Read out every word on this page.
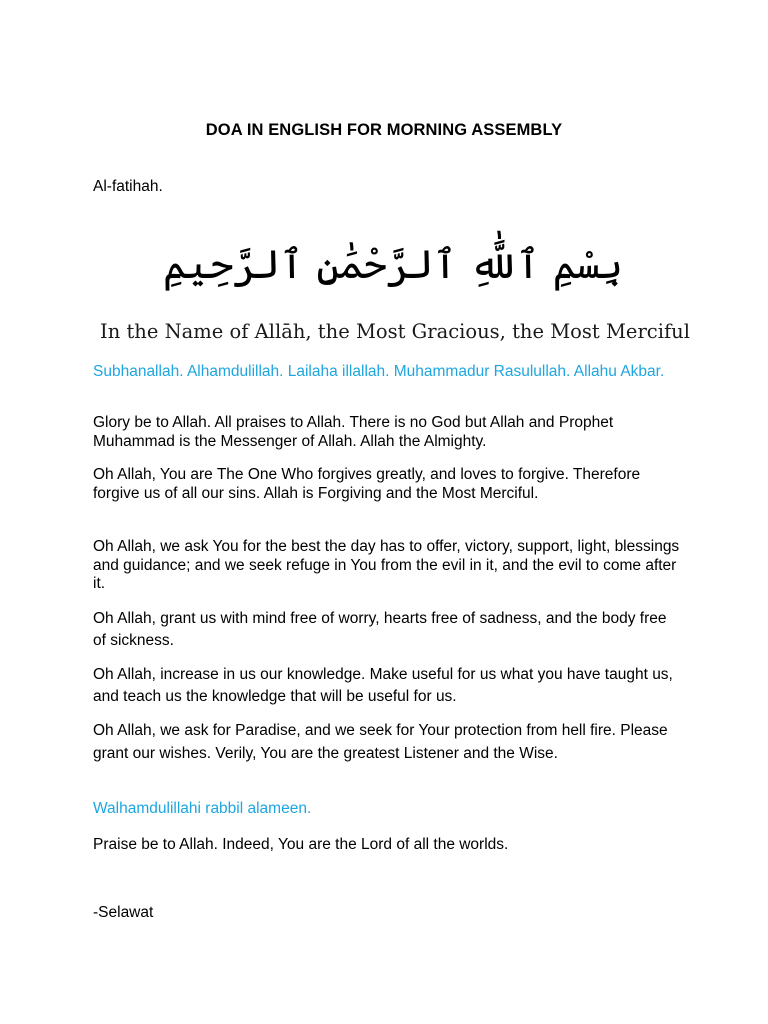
DOA IN ENGLISH FOR MORNING ASSEMBLY
Al-fatihah.
بِسْمِ ٱللَّٰهِ ٱلرَّحْمَٰنِ ٱلرَّحِيمِ
In the Name of Allāh, the Most Gracious, the Most Merciful
Subhanallah. Alhamdulillah. Lailaha illallah. Muhammadur Rasulullah. Allahu Akbar.
Glory be to Allah. All praises to Allah. There is no God but Allah and Prophet Muhammad is the Messenger of Allah. Allah the Almighty.
Oh Allah, You are The One Who forgives greatly, and loves to forgive. Therefore forgive us of all our sins. Allah is Forgiving and the Most Merciful.
Oh Allah, we ask You for the best the day has to offer, victory, support, light, blessings and guidance; and we seek refuge in You from the evil in it, and the evil to come after it.
Oh Allah, grant us with mind free of worry, hearts free of sadness, and the body free of sickness.
Oh Allah, increase in us our knowledge. Make useful for us what you have taught us, and teach us the knowledge that will be useful for us.
Oh Allah, we ask for Paradise, and we seek for Your protection from hell fire. Please grant our wishes. Verily, You are the greatest Listener and the Wise.
Walhamdulillahi rabbil alameen.
Praise be to Allah. Indeed, You are the Lord of all the worlds.
-Selawat
